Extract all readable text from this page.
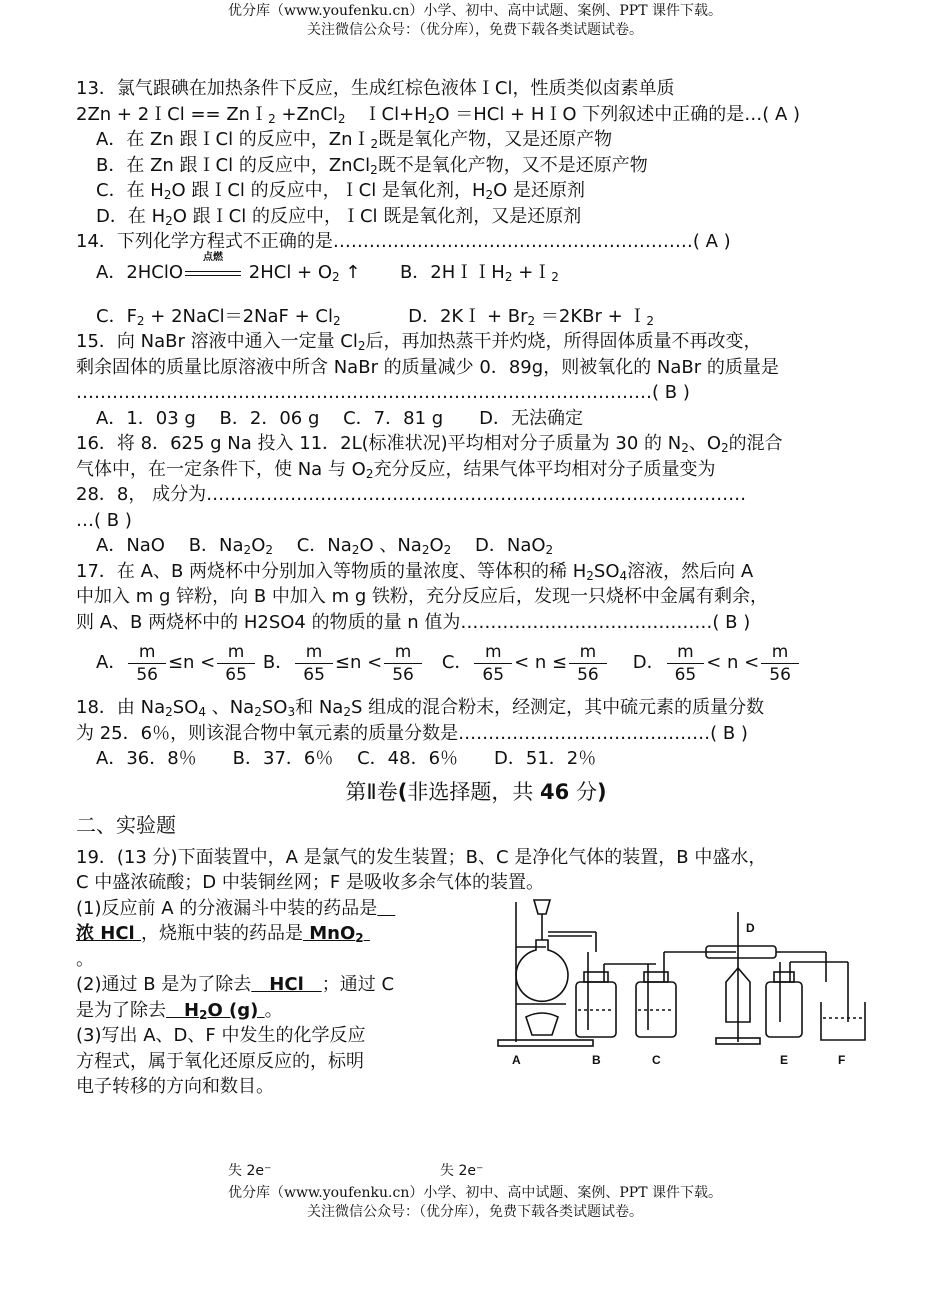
优分库（www.youfenku.cn）小学、初中、高中试题、案例、PPT 课件下载。
关注微信公众号：（优分库），免费下载各类试题试卷。
13．氯气跟碘在加热条件下反应，生成红棕色液体ＩCl，性质类似卤素单质
2Zn + 2ＩCl == ZnＩ$_2$ +ZnCl$_2$　$ICl+H_2O =HCl$ + HＩO 下列叙述中正确的是…( A )
A．在 Zn 跟ＩCl 的反应中，ZnＩ$_2$既是氧化产物，又是还原产物
B．在 Zn 跟ＩCl 的反应中，ZnCl$_2$既不是氧化产物，又不是还原产物
C．在 $H_2O$ 跟ＩCl 的反应中，ＩCl 是氧化剂，$H_2O$ 是还原剂
D．在 $H_2O$ 跟ＩCl 的反应中，ＩCl 既是氧化剂，又是还原剂
14．下列化学方程式不正确的是……………………………………………………( A )
A．2HClO
点燃
$2HCl + O_2$ ↑ B．2HＩＩH$_2$ +Ｉ$_2$
C．$F_2$ + 2NaCl＝2NaF + $Cl_2$	D．2KＩ + $Br_2 =2KBr$ + Ｉ$_2$
15．向 NaBr 溶液中通入一定量 $Cl_2$后，再加热蒸干并灼烧，所得固体质量不再改变，
剩余固体的质量比原溶液中所含 NaBr 的质量减少 0．89g，则被氧化的 NaBr 的质量是
……………………………………………………………………………………( B )
A．1．03 g　 B．2．06 g　 C．7．81 g　　D．无法确定
16．将 8．625 g Na 投入 11．2L(标准状况)平均相对分子质量为 30 的 $N_2$、$O_2$的混合
气体中，在一定条件下，使 Na 与 $O_2$充分反应，结果气体平均相对分子质量变为
28．8， 成分为………………………………………………………………………………
…( B )
A．NaO　 B．$Na_2O_2$　 C．$Na_2O$ 、$Na_2O_2$　 D．NaO$_2$
17．在 A、B 两烧杯中分别加入等物质的量浓度、等体积的稀 $H_2SO_4$溶液，然后向 A
中加入 m g 锌粉，向 B 中加入 m g 铁粉，充分反应后，发现一只烧杯中金属有剩余，
则 A、B 两烧杯中的 H2SO4 的物质的量 n 值为……………………………………( B )
A． $\frac{m}{56} \le n < \frac{m}{65}$ B． $\frac{m}{65} \le n < \frac{m}{56}$ C． $\frac{m}{65} < n \le \frac{m}{56}$ D． $\frac{m}{65} < n < \frac{m}{56}$
18．由 $Na_2SO_4$ 、$Na_2SO_3$和 $Na_2S$ 组成的混合粉末，经测定，其中硫元素的质量分数
为 25．6％，则该混合物中氧元素的质量分数是……………………………………( B )
A．36．8％　　B．37．6％　 C．48．6％　　D．51．2％
第Ⅱ卷(非选择题，共 46 分)
二、实验题
19．(13 分)下面装置中，A 是氯气的发生装置；B、C 是净化气体的装置，B 中盛水，
C 中盛浓硫酸；D 中装铜丝网；F 是吸收多余气体的装置。
(1)反应前 A 的分液漏斗中装的药品是 
浓 HCl ，烧瓶中装的药品是 MnO$_2$
。
(2)通过 B 是为了除去　HCl　；通过 C
是为了除去　$H_2O$ (g) 。
(3)写出 A、D、F 中发生的化学反应
方程式，属于氧化还原反应的，标明
电子转移的方向和数目。
A	B	C
D
E	F
失 2e⁻	失 2e⁻
优分库（www.youfenku.cn）小学、初中、高中试题、案例、PPT 课件下载。
关注微信公众号：（优分库），免费下载各类试题试卷。
